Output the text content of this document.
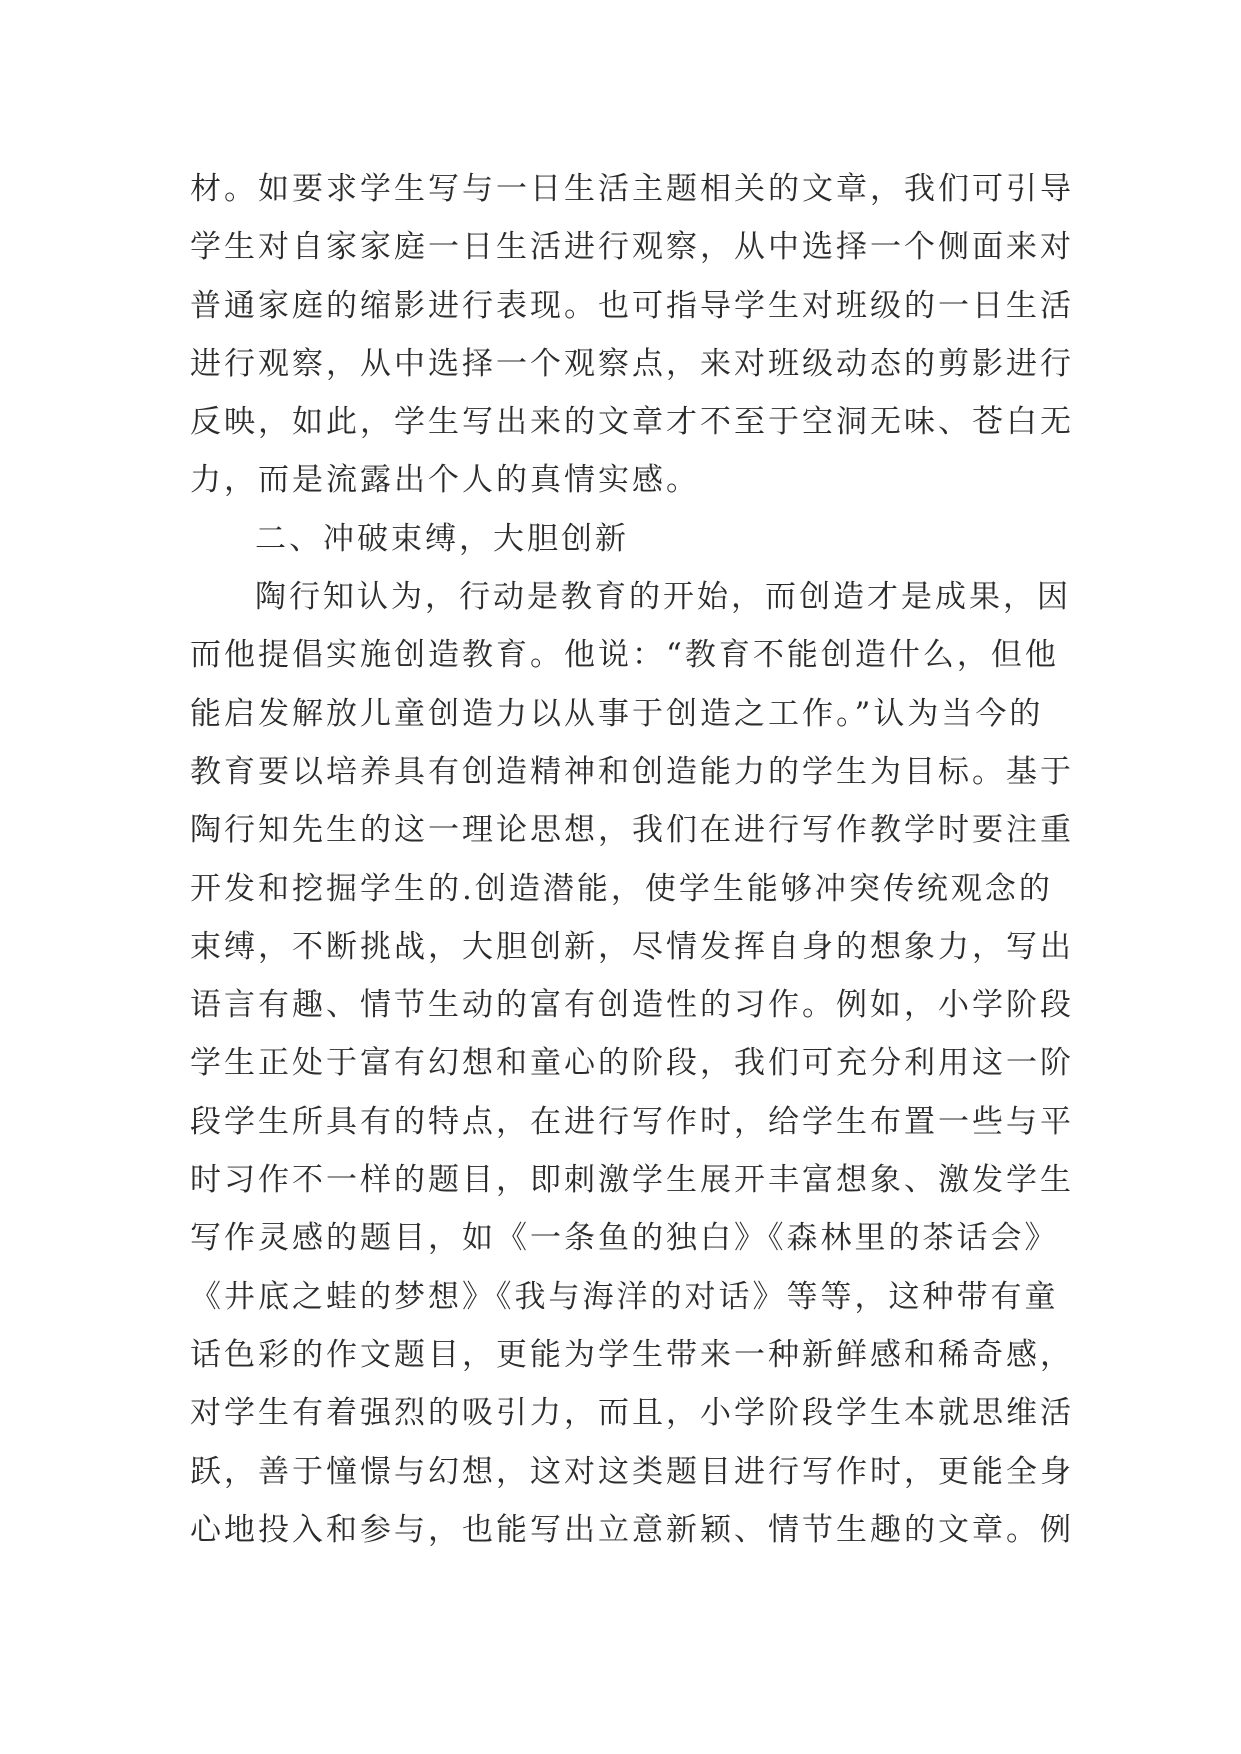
材。如要求学生写与一日生活主题相关的文章，我们可引导
学生对自家家庭一日生活进行观察，从中选择一个侧面来对
普通家庭的缩影进行表现。也可指导学生对班级的一日生活
进行观察，从中选择一个观察点，来对班级动态的剪影进行
反映，如此，学生写出来的文章才不至于空洞无味、苍白无
力，而是流露出个人的真情实感。
二、冲破束缚，大胆创新
陶行知认为，行动是教育的开始，而创造才是成果，因
而他提倡实施创造教育。他说：“教育不能创造什么，但他
能启发解放儿童创造力以从事于创造之工作。”认为当今的
教育要以培养具有创造精神和创造能力的学生为目标。基于
陶行知先生的这一理论思想，我们在进行写作教学时要注重
开发和挖掘学生的.创造潜能，使学生能够冲突传统观念的
束缚，不断挑战，大胆创新，尽情发挥自身的想象力，写出
语言有趣、情节生动的富有创造性的习作。例如，小学阶段
学生正处于富有幻想和童心的阶段，我们可充分利用这一阶
段学生所具有的特点，在进行写作时，给学生布置一些与平
时习作不一样的题目，即刺激学生展开丰富想象、激发学生
写作灵感的题目，如《一条鱼的独白》《森林里的茶话会》
《井底之蛙的梦想》《我与海洋的对话》等等，这种带有童
话色彩的作文题目，更能为学生带来一种新鲜感和稀奇感，
对学生有着强烈的吸引力，而且，小学阶段学生本就思维活
跃，善于憧憬与幻想，这对这类题目进行写作时，更能全身
心地投入和参与，也能写出立意新颖、情节生趣的文章。例
